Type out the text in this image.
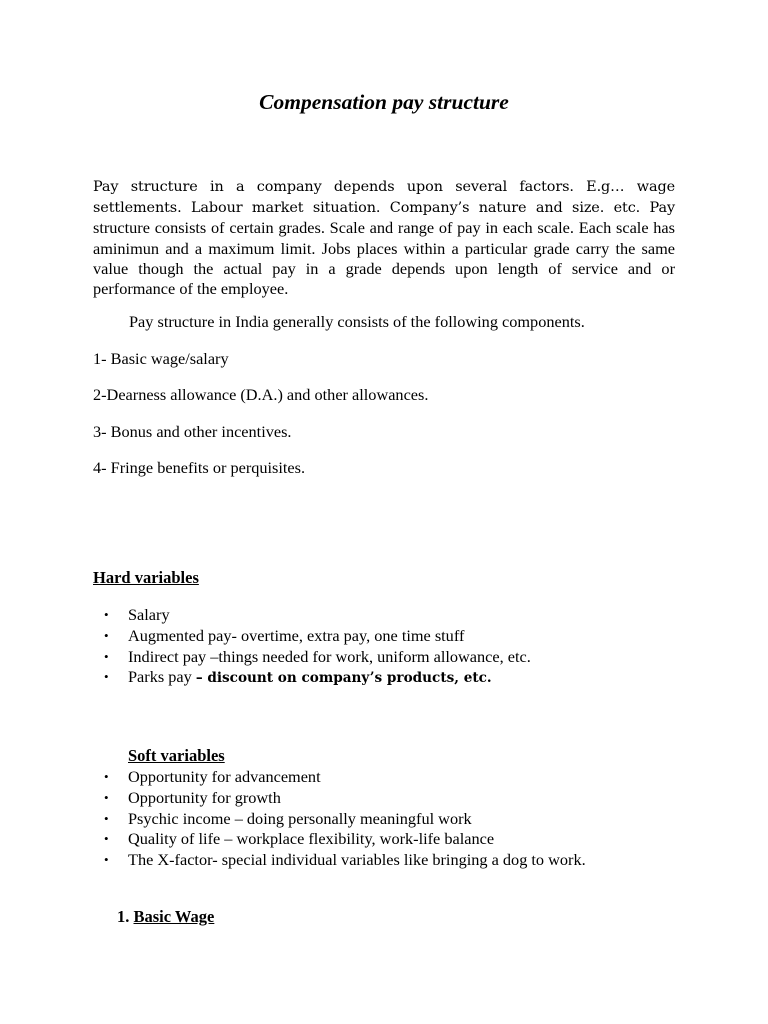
Compensation pay structure

Pay structure in a company depends upon several factors. E.g… wage settlements. Labour market situation. Company’s nature and size. etc. Pay structure consists of certain grades. Scale and range of pay in each scale. Each scale has aminimun and a maximum limit. Jobs places within a particular grade carry the same value though the actual pay in a grade depends upon length of service and or performance of the employee.

Pay structure in India generally consists of the following components.

1- Basic wage/salary

2-Dearness allowance (D.A.) and other allowances.

3- Bonus and other incentives.

4- Fringe benefits or perquisites.

Hard variables
• Salary
• Augmented pay- overtime, extra pay, one time stuff
• Indirect pay –things needed for work, uniform allowance, etc.
• Parks pay – discount on company’s products, etc.
Soft variables
• Opportunity for advancement
• Opportunity for growth
• Psychic income – doing personally meaningful work
• Quality of life – workplace flexibility, work-life balance
• The X-factor- special individual variables like bringing a dog to work.

1. Basic Wage
